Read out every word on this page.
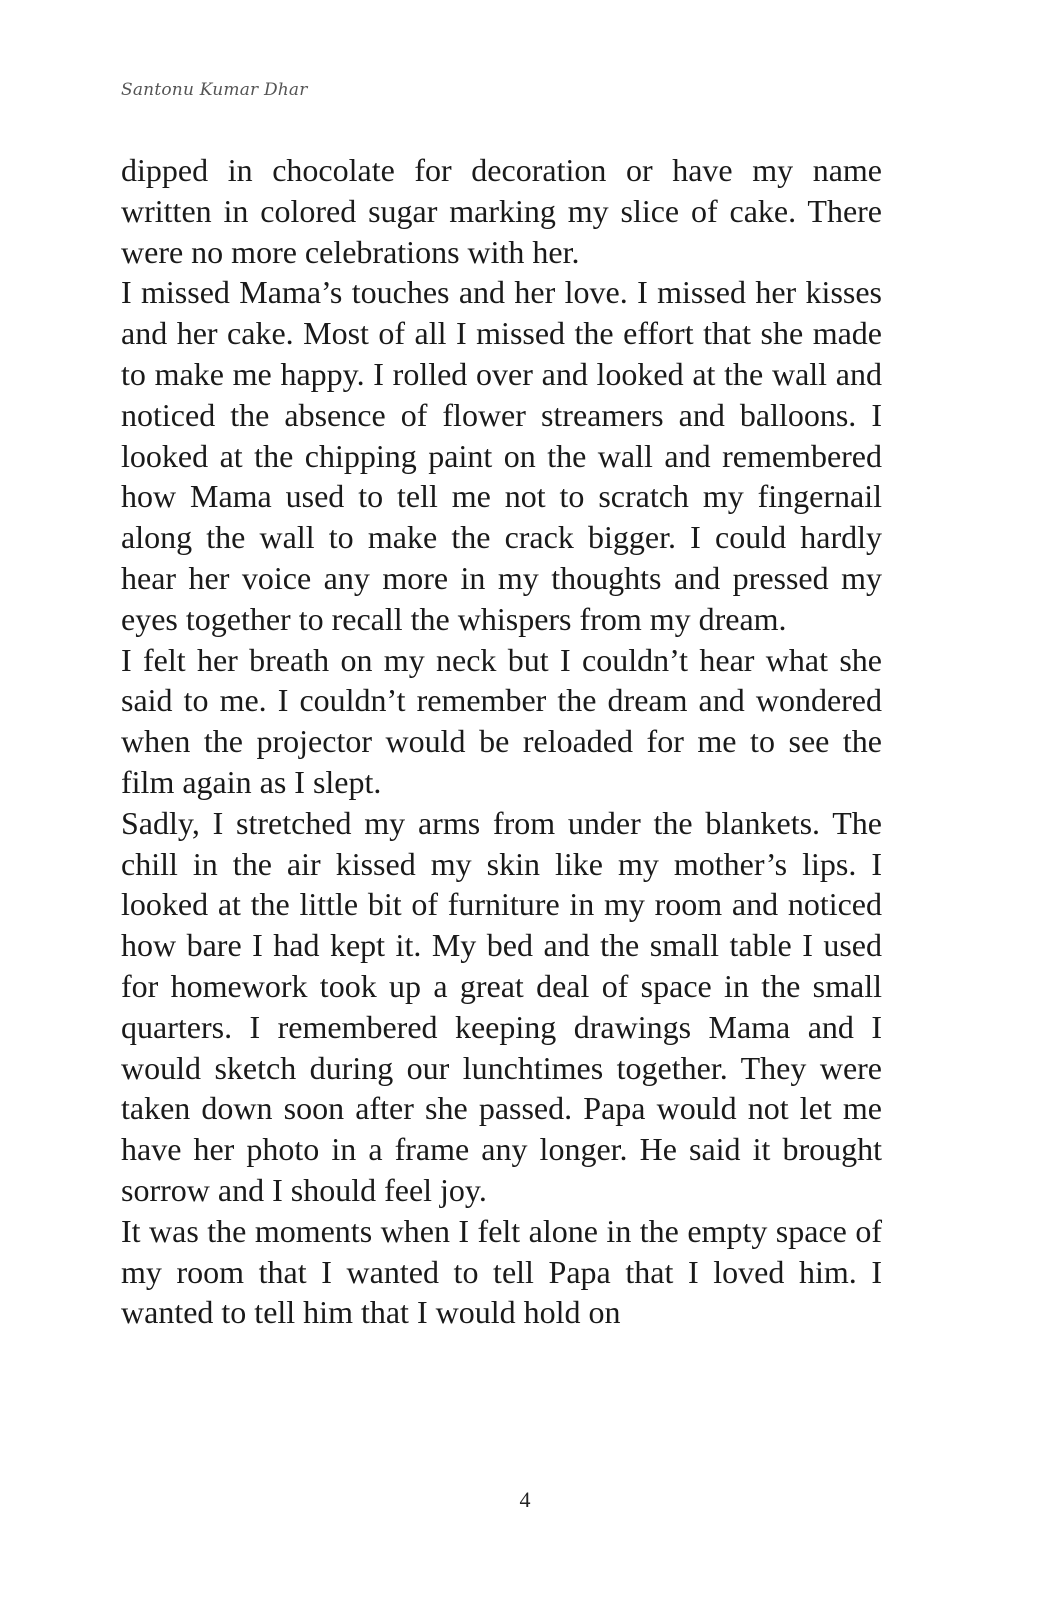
Santonu Kumar Dhar

dipped in chocolate for decoration or have my name written in colored sugar marking my slice of cake. There were no more celebrations with her.

I missed Mama’s touches and her love. I missed her kisses and her cake. Most of all I missed the effort that she made to make me happy. I rolled over and looked at the wall and noticed the absence of flower streamers and balloons. I looked at the chipping paint on the wall and remembered how Mama used to tell me not to scratch my fingernail along the wall to make the crack bigger. I could hardly hear her voice any more in my thoughts and pressed my eyes together to recall the whispers from my dream.

I felt her breath on my neck but I couldn’t hear what she said to me. I couldn’t remember the dream and wondered when the projector would be reloaded for me to see the film again as I slept.

Sadly, I stretched my arms from under the blankets. The chill in the air kissed my skin like my mother’s lips. I looked at the little bit of furniture in my room and noticed how bare I had kept it. My bed and the small table I used for homework took up a great deal of space in the small quarters. I remembered keeping drawings Mama and I would sketch during our lunchtimes together. They were taken down soon after she passed. Papa would not let me have her photo in a frame any longer. He said it brought sorrow and I should feel joy.

It was the moments when I felt alone in the empty space of my room that I wanted to tell Papa that I loved him. I wanted to tell him that I would hold on

4
